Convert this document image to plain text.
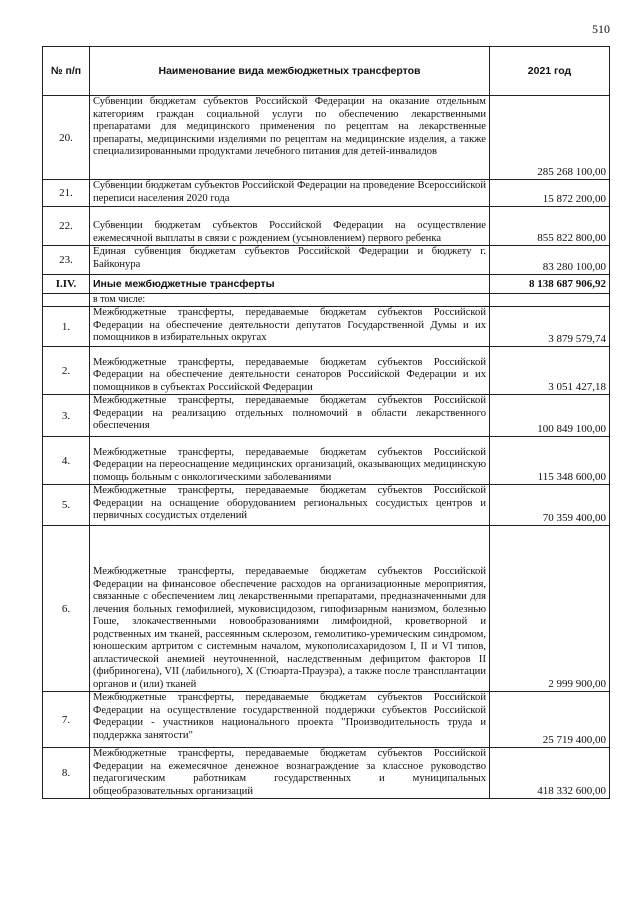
510
№ п/п	Наименование вида межбюджетных трансфертов	2021 год
20.	Субвенции бюджетам субъектов Российской Федерации на оказание отдельным категориям граждан социальной услуги по обеспечению лекарственными препаратами для медицинского применения по рецептам на лекарственные препараты, медицинскими изделиями по рецептам на медицинские изделия, а также специализированными продуктами лечебного питания для детей-инвалидов	285 268 100,00
21.	Субвенции бюджетам субъектов Российской Федерации на проведение Всероссийской переписи населения 2020 года	15 872 200,00
22.	Субвенции бюджетам субъектов Российской Федерации на осуществление ежемесячной выплаты в связи с рождением (усыновлением) первого ребенка	855 822 800,00
23.	Единая субвенция бюджетам субъектов Российской Федерации и бюджету г. Байконура	83 280 100,00
I.IV.	Иные межбюджетные трансферты	8 138 687 906,92
	в том числе:	
1.	Межбюджетные трансферты, передаваемые бюджетам субъектов Российской Федерации на обеспечение деятельности депутатов Государственной Думы и их помощников в избирательных округах	3 879 579,74
2.	Межбюджетные трансферты, передаваемые бюджетам субъектов Российской Федерации на обеспечение деятельности сенаторов Российской Федерации и их помощников в субъектах Российской Федерации	3 051 427,18
3.	Межбюджетные трансферты, передаваемые бюджетам субъектов Российской Федерации на реализацию отдельных полномочий в области лекарственного обеспечения	100 849 100,00
4.	Межбюджетные трансферты, передаваемые бюджетам субъектов Российской Федерации на переоснащение медицинских организаций, оказывающих медицинскую помощь больным с онкологическими заболеваниями	115 348 600,00
5.	Межбюджетные трансферты, передаваемые бюджетам субъектов Российской Федерации на оснащение оборудованием региональных сосудистых центров и первичных сосудистых отделений	70 359 400,00
6.	Межбюджетные трансферты, передаваемые бюджетам субъектов Российской Федерации на финансовое обеспечение расходов на организационные мероприятия, связанные с обеспечением лиц лекарственными препаратами, предназначенными для лечения больных гемофилией, муковисцидозом, гипофизарным нанизмом, болезнью Гоше, злокачественными новообразованиями лимфоидной, кроветворной и родственных им тканей, рассеянным склерозом, гемолитико-уремическим синдромом, юношеским артритом с системным началом, мукополисахаридозом I, II и VI типов, апластической анемией неуточненной, наследственным дефицитом факторов II (фибриногена), VII (лабильного), X (Стюарта-Прауэра), а также после трансплантации органов и (или) тканей	2 999 900,00
7.	Межбюджетные трансферты, передаваемые бюджетам субъектов Российской Федерации на осуществление государственной поддержки субъектов Российской Федерации - участников национального проекта "Производительность труда и поддержка занятости"	25 719 400,00
8.	Межбюджетные трансферты, передаваемые бюджетам субъектов Российской Федерации на ежемесячное денежное вознаграждение за классное руководство педагогическим работникам государственных и муниципальных общеобразовательных организаций	418 332 600,00
